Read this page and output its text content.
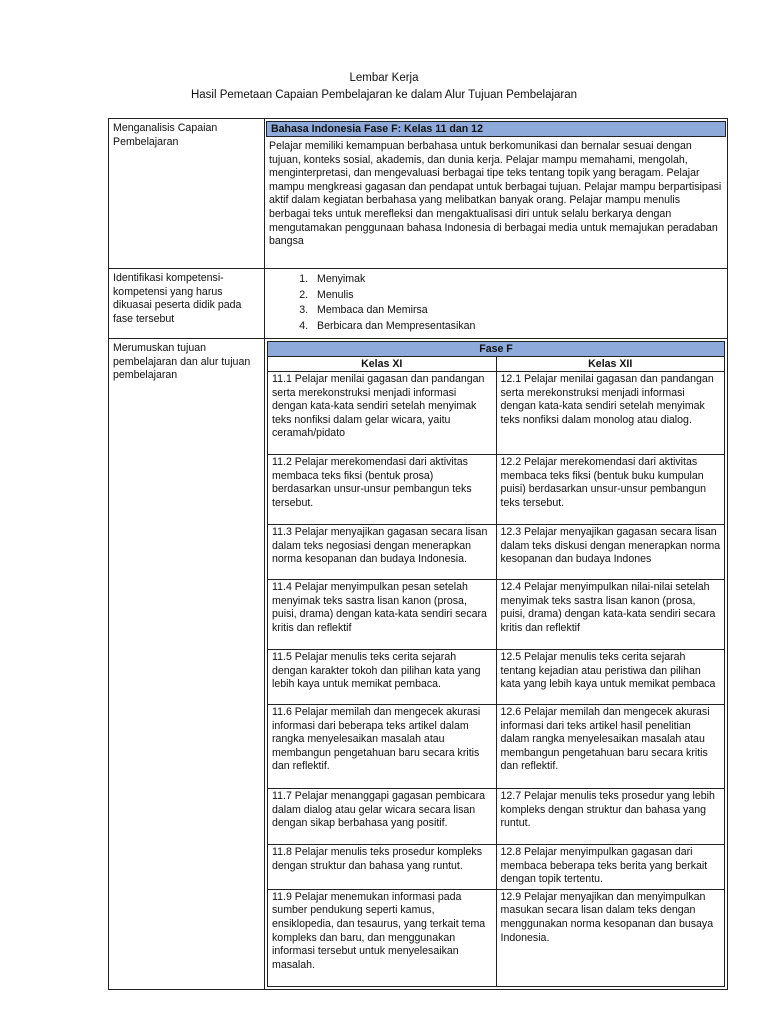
Lembar Kerja
Hasil Pemetaan Capaian Pembelajaran ke dalam Alur Tujuan Pembelajaran
Menganalisis Capaian Pembelajaran	
Bahasa Indonesia Fase F: Kelas 11 dan 12
Pelajar memiliki kemampuan berbahasa untuk berkomunikasi dan bernalar sesuai dengan tujuan, konteks sosial, akademis, dan dunia kerja. Pelajar mampu memahami, mengolah, menginterpretasi, dan mengevaluasi berbagai tipe teks tentang topik yang beragam. Pelajar mampu mengkreasi gagasan dan pendapat untuk berbagai tujuan. Pelajar mampu berpartisipasi aktif dalam kegiatan berbahasa yang melibatkan banyak orang. Pelajar mampu menulis berbagai teks untuk merefleksi dan mengaktualisasi diri untuk selalu berkarya dengan mengutamakan penggunaan bahasa Indonesia di berbagai media untuk memajukan peradaban bangsa

Identifikasi kompetensi-kompetensi yang harus dikuasai peserta didik pada fase tersebut	
1. Menyimak
2. Menulis
3. Membaca dan Memirsa
4. Berbicara dan Mempresentasikan

Merumuskan tujuan pembelajaran dan alur tujuan pembelajaran	
Fase F
Kelas XI	Kelas XII
11.1 Pelajar menilai gagasan dan pandangan serta merekonstruksi menjadi informasi dengan kata-kata sendiri setelah menyimak teks nonfiksi dalam gelar wicara, yaitu ceramah/pidato	12.1 Pelajar menilai gagasan dan pandangan serta merekonstruksi menjadi informasi dengan kata-kata sendiri setelah menyimak teks nonfiksi dalam monolog atau dialog.
11.2 Pelajar merekomendasi dari aktivitas membaca teks fiksi (bentuk prosa) berdasarkan unsur-unsur pembangun teks tersebut.	12.2 Pelajar merekomendasi dari aktivitas membaca teks fiksi (bentuk buku kumpulan puisi) berdasarkan unsur-unsur pembangun teks tersebut.
11.3 Pelajar menyajikan gagasan secara lisan dalam teks negosiasi dengan menerapkan norma kesopanan dan budaya Indonesia.	12.3 Pelajar menyajikan gagasan secara lisan dalam teks diskusi dengan menerapkan norma kesopanan dan budaya Indones
11.4 Pelajar menyimpulkan pesan setelah menyimak teks sastra lisan kanon (prosa, puisi, drama) dengan kata-kata sendiri secara kritis dan reflektif	12.4 Pelajar menyimpulkan nilai-nilai setelah menyimak teks sastra lisan kanon (prosa, puisi, drama) dengan kata-kata sendiri secara kritis dan reflektif
11.5 Pelajar menulis teks cerita sejarah dengan karakter tokoh dan pilihan kata yang lebih kaya untuk memikat pembaca.	12.5 Pelajar menulis teks cerita sejarah tentang kejadian atau peristiwa dan pilihan kata yang lebih kaya untuk memikat pembaca
11.6 Pelajar memilah dan mengecek akurasi informasi dari beberapa teks artikel dalam rangka menyelesaikan masalah atau membangun pengetahuan baru secara kritis dan reflektif.	12.6 Pelajar memilah dan mengecek akurasi informasi dari teks artikel hasil penelitian dalam rangka menyelesaikan masalah atau membangun pengetahuan baru secara kritis dan reflektif.
11.7 Pelajar menanggapi gagasan pembicara dalam dialog atau gelar wicara secara lisan dengan sikap berbahasa yang positif.	12.7 Pelajar menulis teks prosedur yang lebih kompleks dengan struktur dan bahasa yang runtut.
11.8 Pelajar menulis teks prosedur kompleks dengan struktur dan bahasa yang runtut.	12.8 Pelajar menyimpulkan gagasan dari membaca beberapa teks berita yang berkait dengan topik tertentu.
11.9 Pelajar menemukan informasi pada sumber pendukung seperti kamus, ensiklopedia, dan tesaurus, yang terkait tema kompleks dan baru, dan menggunakan informasi tersebut untuk menyelesaikan masalah.	12.9 Pelajar menyajikan dan menyimpulkan masukan secara lisan dalam teks dengan menggunakan norma kesopanan dan busaya Indonesia.
